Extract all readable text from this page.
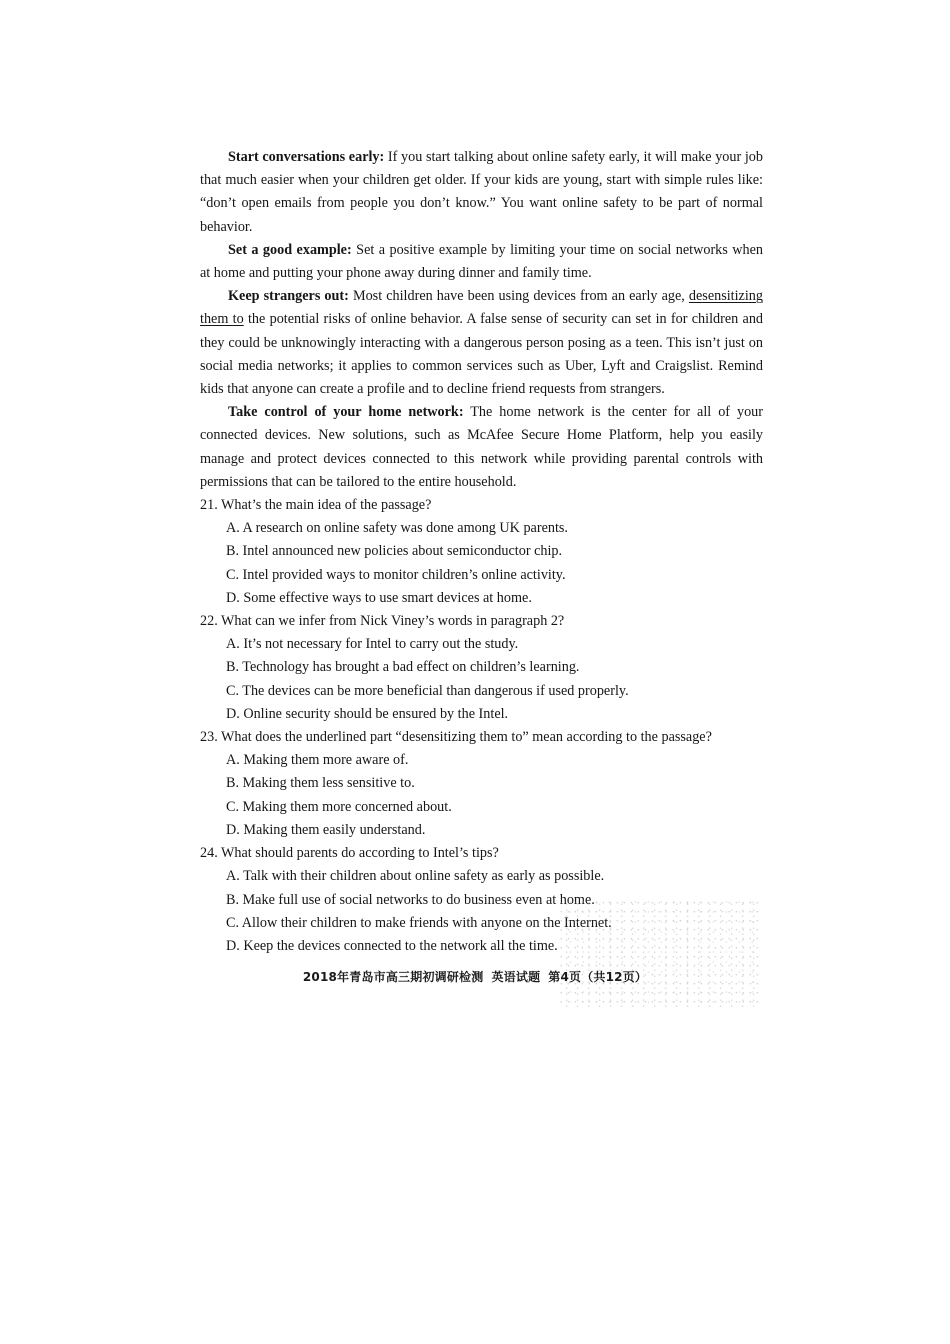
Start conversations early: If you start talking about online safety early, it will make your job that much easier when your children get older. If your kids are young, start with simple rules like: “don’t open emails from people you don’t know.” You want online safety to be part of normal behavior.

Set a good example: Set a positive example by limiting your time on social networks when at home and putting your phone away during dinner and family time.

Keep strangers out: Most children have been using devices from an early age, desensitizing them to the potential risks of online behavior. A false sense of security can set in for children and they could be unknowingly interacting with a dangerous person posing as a teen. This isn’t just on social media networks; it applies to common services such as Uber, Lyft and Craigslist. Remind kids that anyone can create a profile and to decline friend requests from strangers.

Take control of your home network: The home network is the center for all of your connected devices. New solutions, such as McAfee Secure Home Platform, help you easily manage and protect devices connected to this network while providing parental controls with permissions that can be tailored to the entire household.

21. What’s the main idea of the passage?

A. A research on online safety was done among UK parents.

B. Intel announced new policies about semiconductor chip.

C. Intel provided ways to monitor children’s online activity.

D. Some effective ways to use smart devices at home.

22. What can we infer from Nick Viney’s words in paragraph 2?

A. It’s not necessary for Intel to carry out the study.

B. Technology has brought a bad effect on children’s learning.

C. The devices can be more beneficial than dangerous if used properly.

D. Online security should be ensured by the Intel.

23. What does the underlined part “desensitizing them to” mean according to the passage?

A. Making them more aware of.

B. Making them less sensitive to.

C. Making them more concerned about.

D. Making them easily understand.

24. What should parents do according to Intel’s tips?

A. Talk with their children about online safety as early as possible.

B. Make full use of social networks to do business even at home.

C. Allow their children to make friends with anyone on the Internet.

D. Keep the devices connected to the network all the time.

2018年青岛市高三期初调研检测 英语试题 第4页（共12页）
